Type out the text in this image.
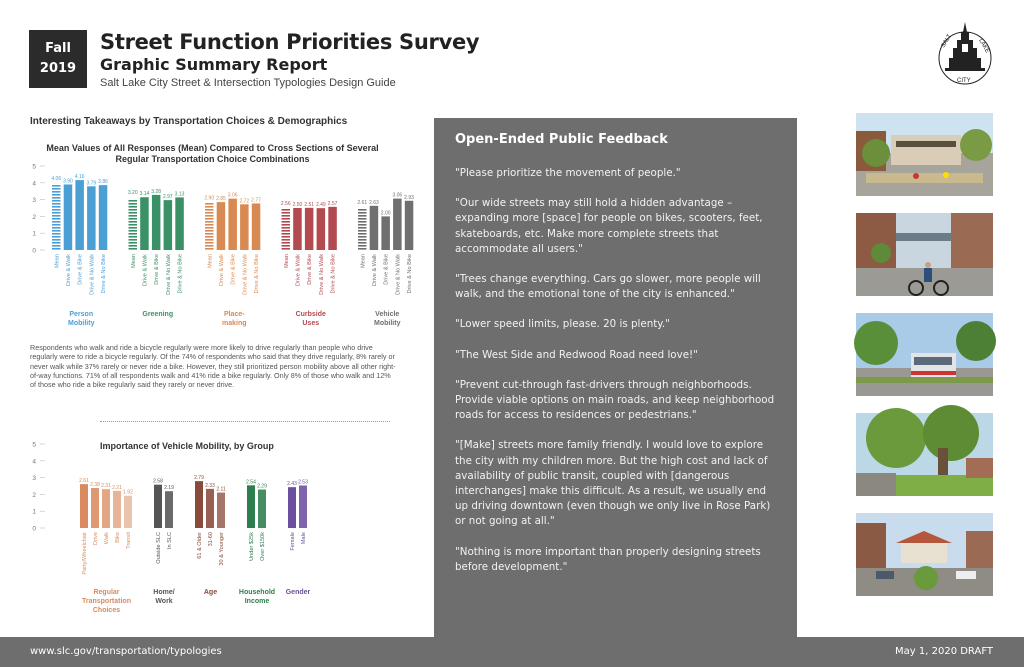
Fall
2019
Street Function Priorities Survey
Graphic Summary Report
Salt Lake City Street & Intersection Typologies Design Guide
SALT	LAKE
CITY
Interesting Takeaways by Transportation Choices & Demographics
Mean Values of All Responses (Mean) Compared to Cross Sections of Several Regular Transportation Choice Combinations
0
1
2
3
4
5
4.06
Mean
3.90
Drive & Walk
4.16
Drive & Bike
3.79
Drive & No Walk
3.86
Drive & No Bike
Person
Mobility
3.20
Mean
3.14
Drive & Walk
3.28
Drive & Bike
2.97
Drive & No Walk
3.13
Drive & No Bike
Greening
2.90
Mean
2.85
Drive & Walk
3.06
Drive & Bike
2.72
Drive & No Walk
2.77
Drive & No Bike
Place-
making
2.56
Mean
2.50
Drive & Walk
2.51
Drive & Bike
2.49
Drive & No Walk
2.57
Drive & No Bike
Curbside
Uses
2.61
Mean
2.63
Drive & Walk
2.00
Drive & Bike
3.06
Drive & No Walk
2.93
Drive & No Bike
Vehicle
Mobility
Respondents who walk and ride a bicycle regularly were more likely to drive regularly than people who drive regularly were to ride a bicycle regularly. Of the 74% of respondents who said that they drive regularly, 8% rarely or never walk while 37% rarely or never ride a bike. However, they still prioritized person mobility above all other right-of-way functions. 71% of all respondents walk and 41% ride a bike regularly. Only 8% of those who walk and 12% of those who ride a bike regularly said they rarely or never drive.
Importance of Vehicle Mobility, by Group
0
1
2
3
4
5
2.61
Party/Wheelchair
2.38
Drive
2.31
Walk
2.21
Bike
1.92
Transit
Regular
Transportation
Choices
2.58
Outside SLC
2.19
In SLC
Home/
Work
2.79
61 & Older
2.33
31-60
2.11
30 & Younger
Age
2.54
Under $25k
2.29
Over $150k
Household
Income
2.43
Female
2.53
Male
Gender
Open-Ended Public Feedback

"Please prioritize the movement of people."

"Our wide streets may still hold a hidden advantage – expanding more [space] for people on bikes, scooters, feet, skateboards, etc. Make more complete streets that accommodate all users."

"Trees change everything. Cars go slower, more people will walk, and the emotional tone of the city is enhanced."

"Lower speed limits, please. 20 is plenty."

"The West Side and Redwood Road need love!"

"Prevent cut-through fast-drivers through neighborhoods. Provide viable options on main roads, and keep neighborhood roads for access to residences or pedestrians."

"[Make] streets more family friendly. I would love to explore the city with my children more. But the high cost and lack of availability of public transit, coupled with [dangerous interchanges] make this difficult. As a result, we usually end up driving downtown (even though we only live in Rose Park) or not going at all."

"Nothing is more important than properly designing streets before development."

www.slc.gov/transportation/typologies	May 1, 2020 DRAFT
